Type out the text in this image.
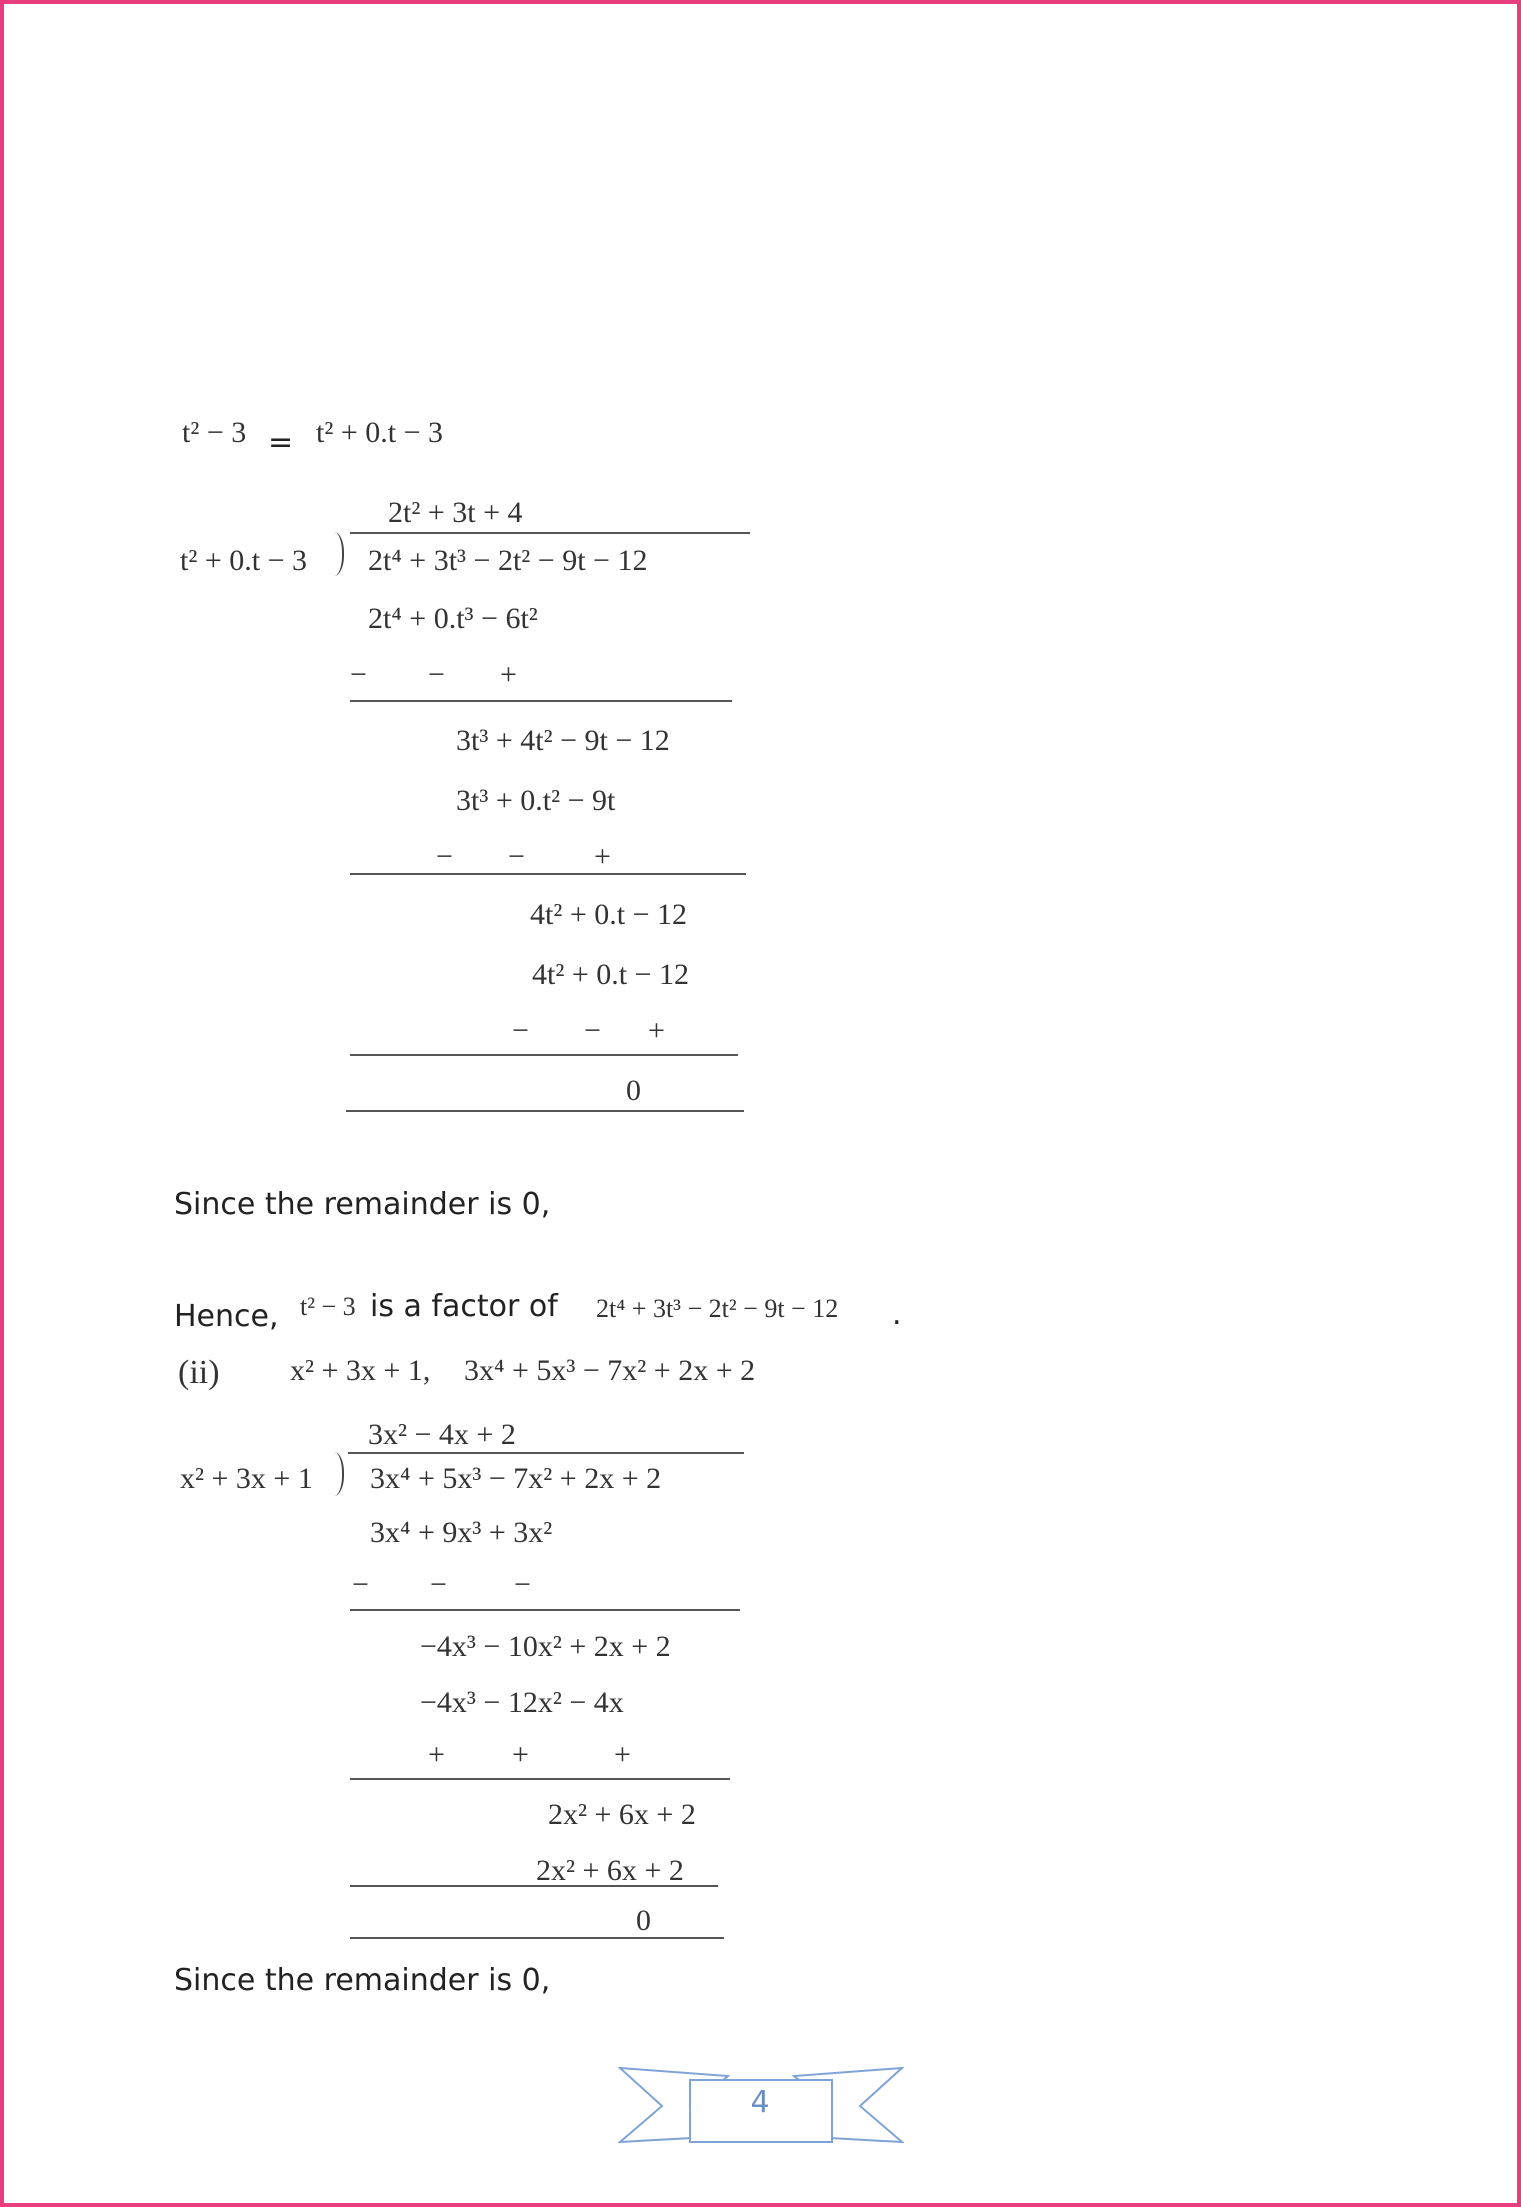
t² − 3 = t² + 0.t − 3
2t² + 3t + 4
t² + 0.t − 3 2t⁴ + 3t³ − 2t² − 9t − 12
2t⁴ + 0.t³ − 6t²
− − +
3t³ + 4t² − 9t − 12
3t³ + 0.t² − 9t
− − +
4t² + 0.t − 12
4t² + 0.t − 12
− − +
0
Since the remainder is 0,
Hence, t² − 3 is a factor of 2t⁴ + 3t³ − 2t² − 9t − 12 .
(ii) x² + 3x + 1, 3x⁴ + 5x³ − 7x² + 2x + 2
3x² − 4x + 2
x² + 3x + 1 3x⁴ + 5x³ − 7x² + 2x + 2
3x⁴ + 9x³ + 3x²
− − −
−4x³ − 10x² + 2x + 2
−4x³ − 12x² − 4x
+ +	+
2x² + 6x + 2
2x² + 6x + 2
0
Since the remainder is 0,
4
